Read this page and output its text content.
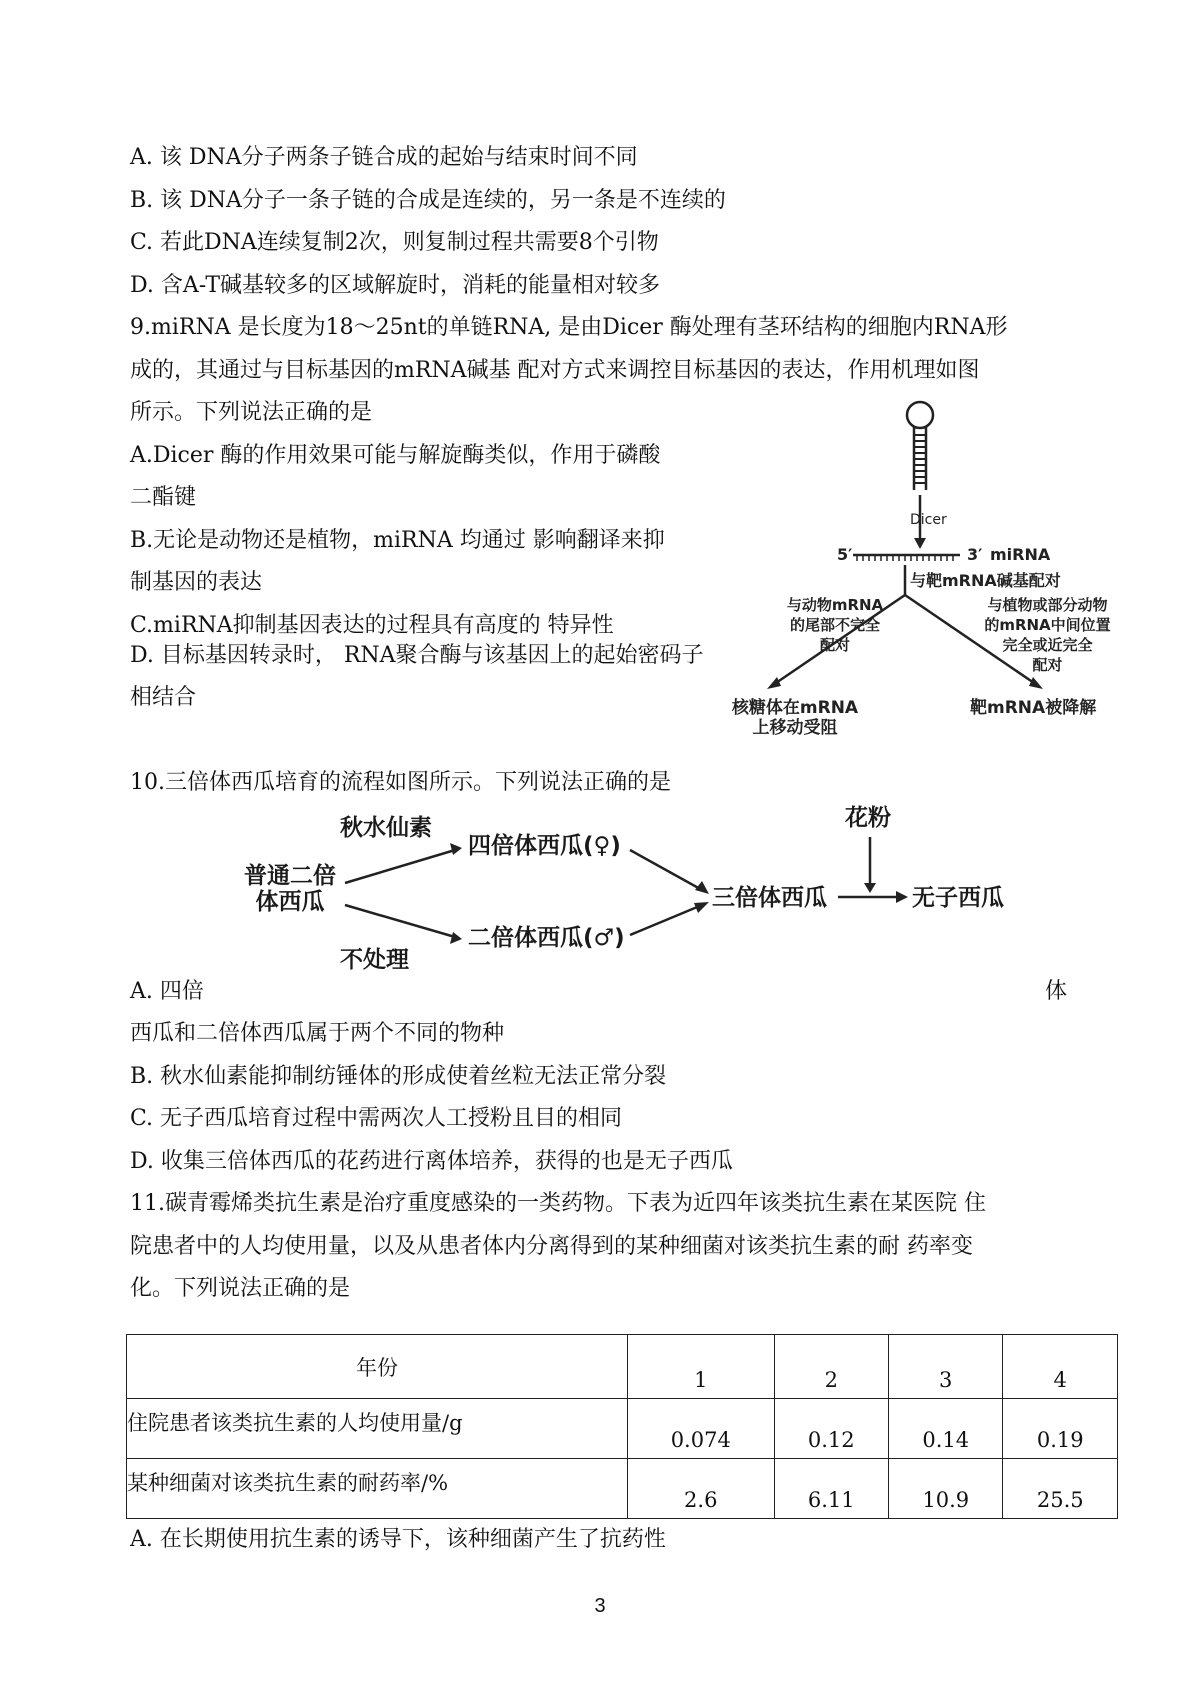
A. 该 DNA分子两条子链合成的起始与结束时间不同
B. 该 DNA分子一条子链的合成是连续的，另一条是不连续的
C. 若此DNA连续复制2次，则复制过程共需要8个引物
D. 含A-T碱基较多的区域解旋时，消耗的能量相对较多
9.miRNA 是长度为18～25nt的单链RNA, 是由Dicer 酶处理有茎环结构的细胞内RNA形
成的，其通过与目标基因的mRNA碱基 配对方式来调控目标基因的表达，作用机理如图
所示。下列说法正确的是
A.Dicer 酶的作用效果可能与解旋酶类似，作用于磷酸
二酯键
B.无论是动物还是植物，miRNA 均通过 影响翻译来抑
制基因的表达
C.miRNA抑制基因表达的过程具有高度的 特异性
D. 目标基因转录时， RNA聚合酶与该基因上的起始密码子
相结合
Dicer
5′	3′ miRNA
与靶mRNA碱基配对
与动物mRNA
的尾部不完全
配对
与植物或部分动物
的mRNA中间位置
完全或近完全
配对
核糖体在mRNA
上移动受阻
靶mRNA被降解
10.三倍体西瓜培育的流程如图所示。下列说法正确的是
普通二倍
体西瓜
秋水仙素
四倍体西瓜(♀)
不处理
二倍体西瓜(♂)
三倍体西瓜
花粉
无子西瓜
A. 四倍	体
西瓜和二倍体西瓜属于两个不同的物种
B. 秋水仙素能抑制纺锤体的形成使着丝粒无法正常分裂
C. 无子西瓜培育过程中需两次人工授粉且目的相同
D. 收集三倍体西瓜的花药进行离体培养，获得的也是无子西瓜
11.碳青霉烯类抗生素是治疗重度感染的一类药物。下表为近四年该类抗生素在某医院 住
院患者中的人均使用量，以及从患者体内分离得到的某种细菌对该类抗生素的耐 药率变
化。下列说法正确的是
年份	1	2	3	4
住院患者该类抗生素的人均使用量/g	0.074	0.12	0.14	0.19
某种细菌对该类抗生素的耐药率/%	2.6	6.11	10.9	25.5
A. 在长期使用抗生素的诱导下，该种细菌产生了抗药性
3
